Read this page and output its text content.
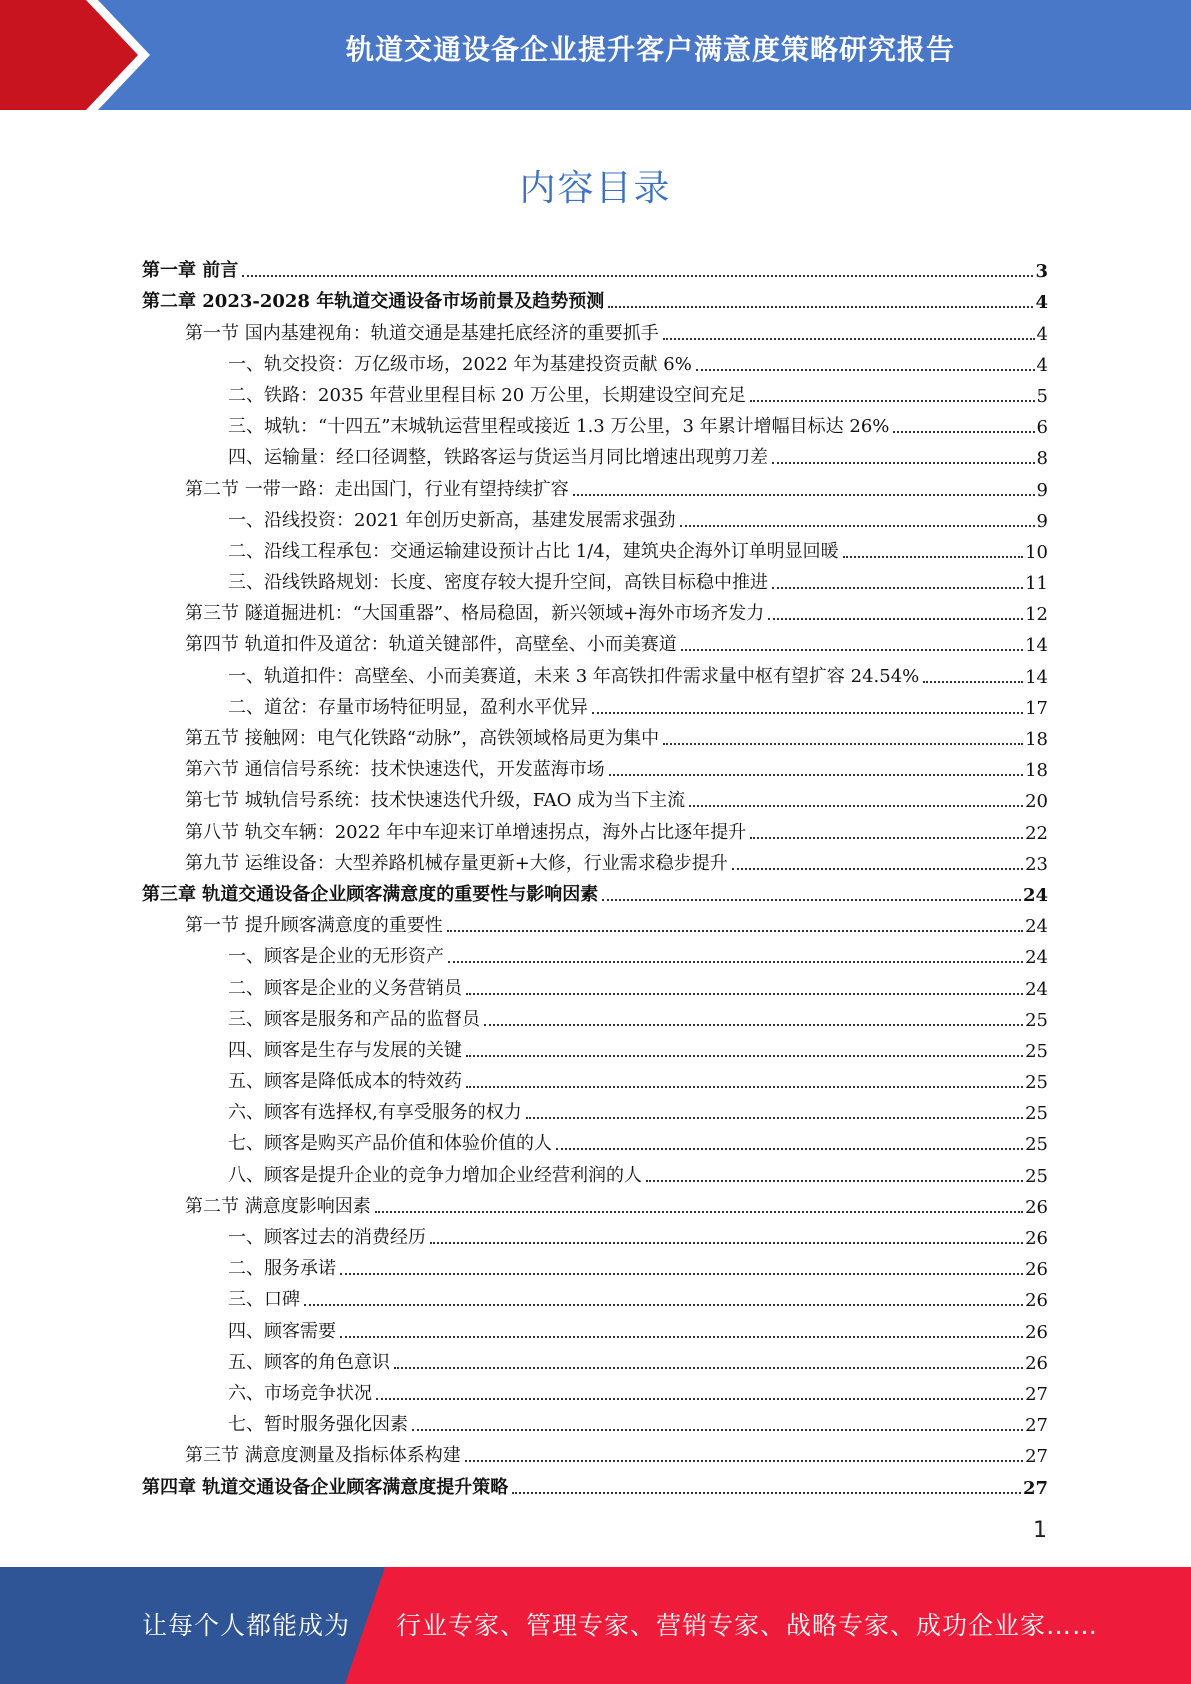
轨道交通设备企业提升客户满意度策略研究报告
内容目录
第一章 前言	3
第二章 2023-2028 年轨道交通设备市场前景及趋势预测	4
第一节 国内基建视角：轨道交通是基建托底经济的重要抓手	4
一、轨交投资：万亿级市场，2022 年为基建投资贡献 6%	4
二、铁路：2035 年营业里程目标 20 万公里，长期建设空间充足	5
三、城轨：“十四五”末城轨运营里程或接近 1.3 万公里，3 年累计增幅目标达 26%	6
四、运输量：经口径调整，铁路客运与货运当月同比增速出现剪刀差	8
第二节 一带一路：走出国门，行业有望持续扩容	9
一、沿线投资：2021 年创历史新高，基建发展需求强劲	9
二、沿线工程承包：交通运输建设预计占比 1/4，建筑央企海外订单明显回暖	10
三、沿线铁路规划：长度、密度存较大提升空间，高铁目标稳中推进	11
第三节 隧道掘进机：“大国重器”、格局稳固，新兴领域+海外市场齐发力	12
第四节 轨道扣件及道岔：轨道关键部件，高壁垒、小而美赛道	14
一、轨道扣件：高壁垒、小而美赛道，未来 3 年高铁扣件需求量中枢有望扩容 24.54%	14
二、道岔：存量市场特征明显，盈利水平优异	17
第五节 接触网：电气化铁路“动脉”，高铁领域格局更为集中	18
第六节 通信信号系统：技术快速迭代，开发蓝海市场	18
第七节 城轨信号系统：技术快速迭代升级，FAO 成为当下主流	20
第八节 轨交车辆：2022 年中车迎来订单增速拐点，海外占比逐年提升	22
第九节 运维设备：大型养路机械存量更新+大修，行业需求稳步提升	23
第三章 轨道交通设备企业顾客满意度的重要性与影响因素	24
第一节 提升顾客满意度的重要性	24
一、顾客是企业的无形资产	24
二、顾客是企业的义务营销员	24
三、顾客是服务和产品的监督员	25
四、顾客是生存与发展的关键	25
五、顾客是降低成本的特效药	25
六、顾客有选择权,有享受服务的权力	25
七、顾客是购买产品价值和体验价值的人	25
八、顾客是提升企业的竞争力增加企业经营利润的人	25
第二节 满意度影响因素	26
一、顾客过去的消费经历	26
二、服务承诺	26
三、口碑	26
四、顾客需要	26
五、顾客的角色意识	26
六、市场竞争状况	27
七、暂时服务强化因素	27
第三节 满意度测量及指标体系构建	27
第四章 轨道交通设备企业顾客满意度提升策略	27
1
让每个人都能成为 行业专家、管理专家、营销专家、战略专家、成功企业家……
